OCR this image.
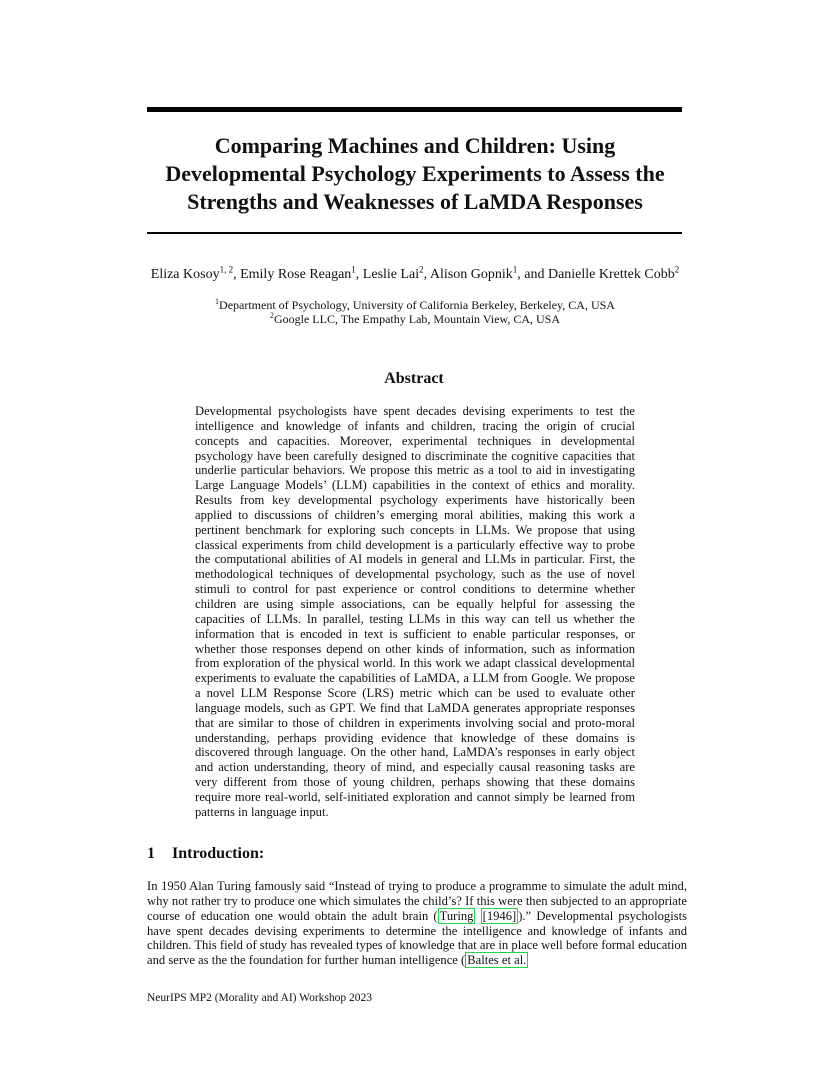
Comparing Machines and Children: Using
Developmental Psychology Experiments to Assess the
Strengths and Weaknesses of LaMDA Responses

Eliza Kosoy$^{1, 2}$, Emily Rose Reagan$^1$, Leslie Lai$^2$, Alison Gopnik$^1$, and Danielle Krettek Cobb$^2$

$^1$Department of Psychology, University of California Berkeley, Berkeley, CA, USA
$^2$Google LLC, The Empathy Lab, Mountain View, CA, USA
Abstract

Developmental psychologists have spent decades devising experiments to test the intelligence and knowledge of infants and children, tracing the origin of crucial concepts and capacities. Moreover, experimental techniques in developmental psychology have been carefully designed to discriminate the cognitive capacities that underlie particular behaviors. We propose this metric as a tool to aid in investigating Large Language Models’ (LLM) capabilities in the context of ethics and morality. Results from key developmental psychology experiments have historically been applied to discussions of children’s emerging moral abilities, making this work a pertinent benchmark for exploring such concepts in LLMs. We propose that using classical experiments from child development is a particularly effective way to probe the computational abilities of AI models in general and LLMs in particular. First, the methodological techniques of developmental psychology, such as the use of novel stimuli to control for past experience or control conditions to determine whether children are using simple associations, can be equally helpful for assessing the capacities of LLMs. In parallel, testing LLMs in this way can tell us whether the information that is encoded in text is sufficient to enable particular responses, or whether those responses depend on other kinds of information, such as information from exploration of the physical world. In this work we adapt classical developmental experiments to evaluate the capabilities of LaMDA, a LLM from Google. We propose a novel LLM Response Score (LRS) metric which can be used to evaluate other language models, such as GPT. We find that LaMDA generates appropriate responses that are similar to those of children in experiments involving social and proto-moral understanding, perhaps providing evidence that knowledge of these domains is discovered through language. On the other hand, LaMDA’s responses in early object and action understanding, theory of mind, and especially causal reasoning tasks are very different from those of young children, perhaps showing that these domains require more real-world, self-initiated exploration and cannot simply be learned from patterns in language input.

1 Introduction:

In 1950 Alan Turing famously said “Instead of trying to produce a programme to simulate the adult mind, why not rather try to produce one which simulates the child’s? If this were then subjected to an appropriate course of education one would obtain the adult brain ( Turing [1946] ).” Developmental psychologists have spent decades devising experiments to determine the intelligence and knowledge of infants and children. This field of study has revealed types of knowledge that are in place well before formal education and serve as the the foundation for further human intelligence ( Baltes et al.

NeurIPS MP2 (Morality and AI) Workshop 2023
